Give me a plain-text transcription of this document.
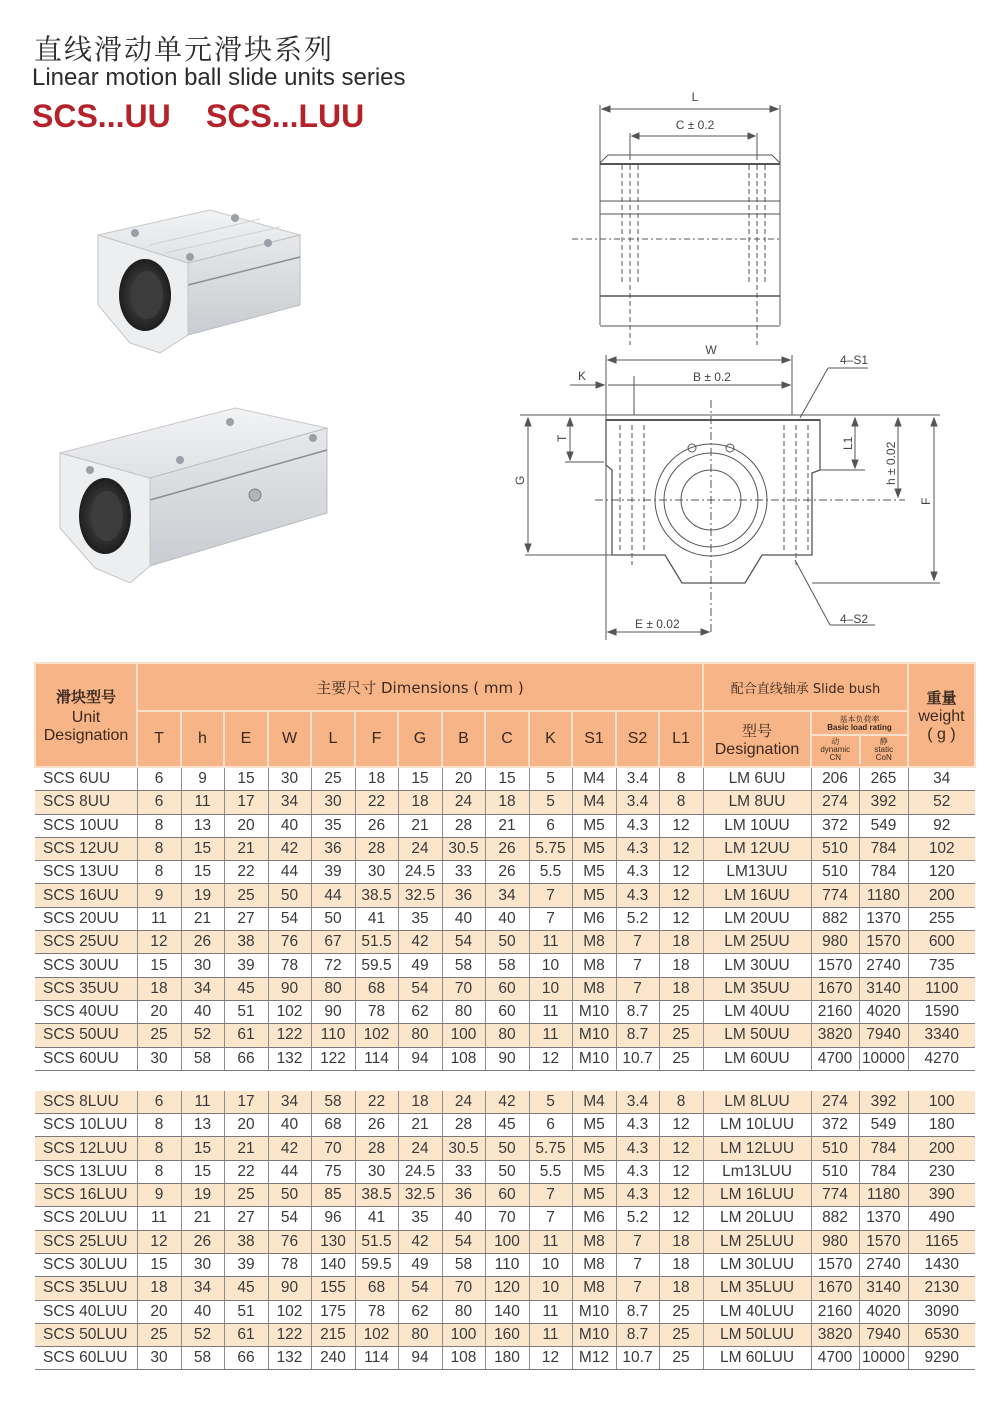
直线滑动单元滑块系列
Linear motion ball slide units series
SCS...UU SCS...LUU
L
C ± 0.2
W
K	B ± 0.2
4–S1
4–S2
E ± 0.02
G
T	L1 h ± 0.02
F
滑块型号
Unit
Designation
	主要尺寸 Dimensions ( mm )	配合直线轴承 Slide bush	重量
weight
( g )

T	h	E	W	L	F	G	B	C	K	S1	S2	L1	型号
Designation

基本负荷率
Basic load rating
动
dynamic
CN
静
static
CoN

SCS 6UU	6	9	15	30	25	18	15	20	15	5	M4	3.4	8	LM 6UU	206	265	34
SCS 8UU	6	11	17	34	30	22	18	24	18	5	M4	3.4	8	LM 8UU	274	392	52
SCS 10UU	8	13	20	40	35	26	21	28	21	6	M5	4.3	12	LM 10UU	372	549	92
SCS 12UU	8	15	21	42	36	28	24	30.5	26	5.75	M5	4.3	12	LM 12UU	510	784	102
SCS 13UU	8	15	22	44	39	30	24.5	33	26	5.5	M5	4.3	12	LM13UU	510	784	120
SCS 16UU	9	19	25	50	44	38.5	32.5	36	34	7	M5	4.3	12	LM 16UU	774	1180	200
SCS 20UU	11	21	27	54	50	41	35	40	40	7	M6	5.2	12	LM 20UU	882	1370	255
SCS 25UU	12	26	38	76	67	51.5	42	54	50	11	M8	7	18	LM 25UU	980	1570	600
SCS 30UU	15	30	39	78	72	59.5	49	58	58	10	M8	7	18	LM 30UU	1570	2740	735
SCS 35UU	18	34	45	90	80	68	54	70	60	10	M8	7	18	LM 35UU	1670	3140	1100
SCS 40UU	20	40	51	102	90	78	62	80	60	11	M10	8.7	25	LM 40UU	2160	4020	1590
SCS 50UU	25	52	61	122	110	102	80	100	80	11	M10	8.7	25	LM 50UU	3820	7940	3340
SCS 60UU	30	58	66	132	122	114	94	108	90	12	M10	10.7	25	LM 60UU	4700	10000	4270

SCS 8LUU	6	11	17	34	58	22	18	24	42	5	M4	3.4	8	LM 8LUU	274	392	100
SCS 10LUU	8	13	20	40	68	26	21	28	45	6	M5	4.3	12	LM 10LUU	372	549	180
SCS 12LUU	8	15	21	42	70	28	24	30.5	50	5.75	M5	4.3	12	LM 12LUU	510	784	200
SCS 13LUU	8	15	22	44	75	30	24.5	33	50	5.5	M5	4.3	12	Lm13LUU	510	784	230
SCS 16LUU	9	19	25	50	85	38.5	32.5	36	60	7	M5	4.3	12	LM 16LUU	774	1180	390
SCS 20LUU	11	21	27	54	96	41	35	40	70	7	M6	5.2	12	LM 20LUU	882	1370	490
SCS 25LUU	12	26	38	76	130	51.5	42	54	100	11	M8	7	18	LM 25LUU	980	1570	1165
SCS 30LUU	15	30	39	78	140	59.5	49	58	110	10	M8	7	18	LM 30LUU	1570	2740	1430
SCS 35LUU	18	34	45	90	155	68	54	70	120	10	M8	7	18	LM 35LUU	1670	3140	2130
SCS 40LUU	20	40	51	102	175	78	62	80	140	11	M10	8.7	25	LM 40LUU	2160	4020	3090
SCS 50LUU	25	52	61	122	215	102	80	100	160	11	M10	8.7	25	LM 50LUU	3820	7940	6530
SCS 60LUU	30	58	66	132	240	114	94	108	180	12	M12	10.7	25	LM 60LUU	4700	10000	9290
